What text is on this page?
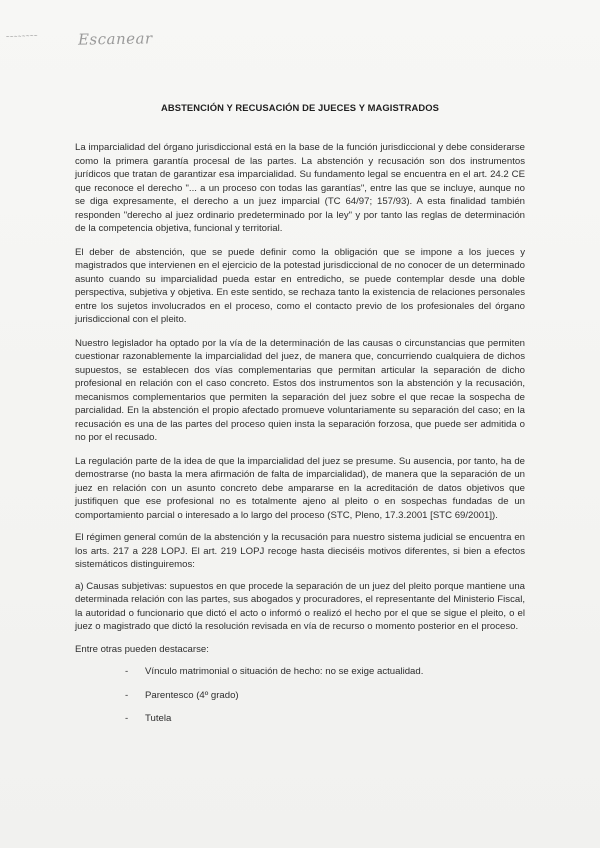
~~~~~~~~	Escanear
ABSTENCIÓN Y RECUSACIÓN DE JUECES Y MAGISTRADOS

La imparcialidad del órgano jurisdiccional está en la base de la función jurisdiccional y debe considerarse como la primera garantía procesal de las partes. La abstención y recusación son dos instrumentos jurídicos que tratan de garantizar esa imparcialidad. Su fundamento legal se encuentra en el art. 24.2 CE que reconoce el derecho "... a un proceso con todas las garantías", entre las que se incluye, aunque no se diga expresamente, el derecho a un juez imparcial (TC 64/97; 157/93). A esta finalidad también responden "derecho al juez ordinario predeterminado por la ley" y por tanto las reglas de determinación de la competencia objetiva, funcional y territorial.

El deber de abstención, que se puede definir como la obligación que se impone a los jueces y magistrados que intervienen en el ejercicio de la potestad jurisdiccional de no conocer de un determinado asunto cuando su imparcialidad pueda estar en entredicho, se puede contemplar desde una doble perspectiva, subjetiva y objetiva. En este sentido, se rechaza tanto la existencia de relaciones personales entre los sujetos involucrados en el proceso, como el contacto previo de los profesionales del órgano jurisdiccional con el pleito.

Nuestro legislador ha optado por la vía de la determinación de las causas o circunstancias que permiten cuestionar razonablemente la imparcialidad del juez, de manera que, concurriendo cualquiera de dichos supuestos, se establecen dos vías complementarias que permitan articular la separación de dicho profesional en relación con el caso concreto. Estos dos instrumentos son la abstención y la recusación, mecanismos complementarios que permiten la separación del juez sobre el que recae la sospecha de parcialidad. En la abstención el propio afectado promueve voluntariamente su separación del caso; en la recusación es una de las partes del proceso quien insta la separación forzosa, que puede ser admitida o no por el recusado.

La regulación parte de la idea de que la imparcialidad del juez se presume. Su ausencia, por tanto, ha de demostrarse (no basta la mera afirmación de falta de imparcialidad), de manera que la separación de un juez en relación con un asunto concreto debe ampararse en la acreditación de datos objetivos que justifiquen que ese profesional no es totalmente ajeno al pleito o en sospechas fundadas de un comportamiento parcial o interesado a lo largo del proceso (STC, Pleno, 17.3.2001 [STC 69/2001]).

El régimen general común de la abstención y la recusación para nuestro sistema judicial se encuentra en los arts. 217 a 228 LOPJ. El art. 219 LOPJ recoge hasta dieciséis motivos diferentes, si bien a efectos sistemáticos distinguiremos:

a) Causas subjetivas: supuestos en que procede la separación de un juez del pleito porque mantiene una determinada relación con las partes, sus abogados y procuradores, el representante del Ministerio Fiscal, la autoridad o funcionario que dictó el acto o informó o realizó el hecho por el que se sigue el pleito, o el juez o magistrado que dictó la resolución revisada en vía de recurso o momento posterior en el proceso.

Entre otras pueden destacarse:

- Vínculo matrimonial o situación de hecho: no se exige actualidad.
- Parentesco (4º grado)
- Tutela
